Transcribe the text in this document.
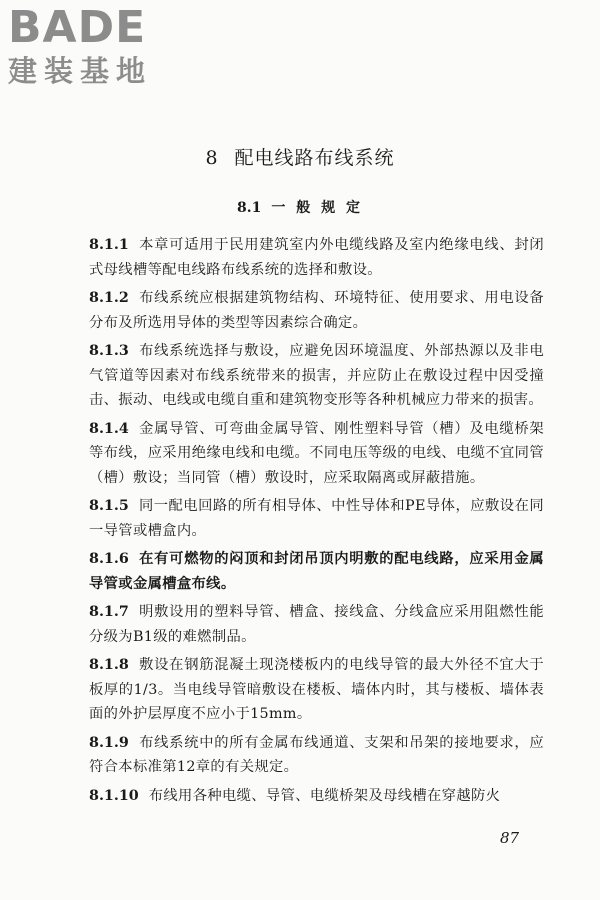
BADE
建装基地
8 配电线路布线系统
8.1 一 般 规 定

8.1.1 本章可适用于民用建筑室内外电缆线路及室内绝缘电线、封闭式母线槽等配电线路布线系统的选择和敷设。

8.1.2 布线系统应根据建筑物结构、环境特征、使用要求、用电设备分布及所选用导体的类型等因素综合确定。

8.1.3 布线系统选择与敷设，应避免因环境温度、外部热源以及非电气管道等因素对布线系统带来的损害，并应防止在敷设过程中因受撞击、振动、电线或电缆自重和建筑物变形等各种机械应力带来的损害。

8.1.4 金属导管、可弯曲金属导管、刚性塑料导管（槽）及电缆桥架等布线，应采用绝缘电线和电缆。不同电压等级的电线、电缆不宜同管（槽）敷设；当同管（槽）敷设时，应采取隔离或屏蔽措施。

8.1.5 同一配电回路的所有相导体、中性导体和PE导体，应敷设在同一导管或槽盒内。

8.1.6 在有可燃物的闷顶和封闭吊顶内明敷的配电线路，应采用金属导管或金属槽盒布线。

8.1.7 明敷设用的塑料导管、槽盒、接线盒、分线盒应采用阻燃性能分级为B1级的难燃制品。

8.1.8 敷设在钢筋混凝土现浇楼板内的电线导管的最大外径不宜大于板厚的1/3。当电线导管暗敷设在楼板、墙体内时，其与楼板、墙体表面的外护层厚度不应小于15mm。

8.1.9 布线系统中的所有金属布线通道、支架和吊架的接地要求，应符合本标准第12章的有关规定。

8.1.10 布线用各种电缆、导管、电缆桥架及母线槽在穿越防火

87
